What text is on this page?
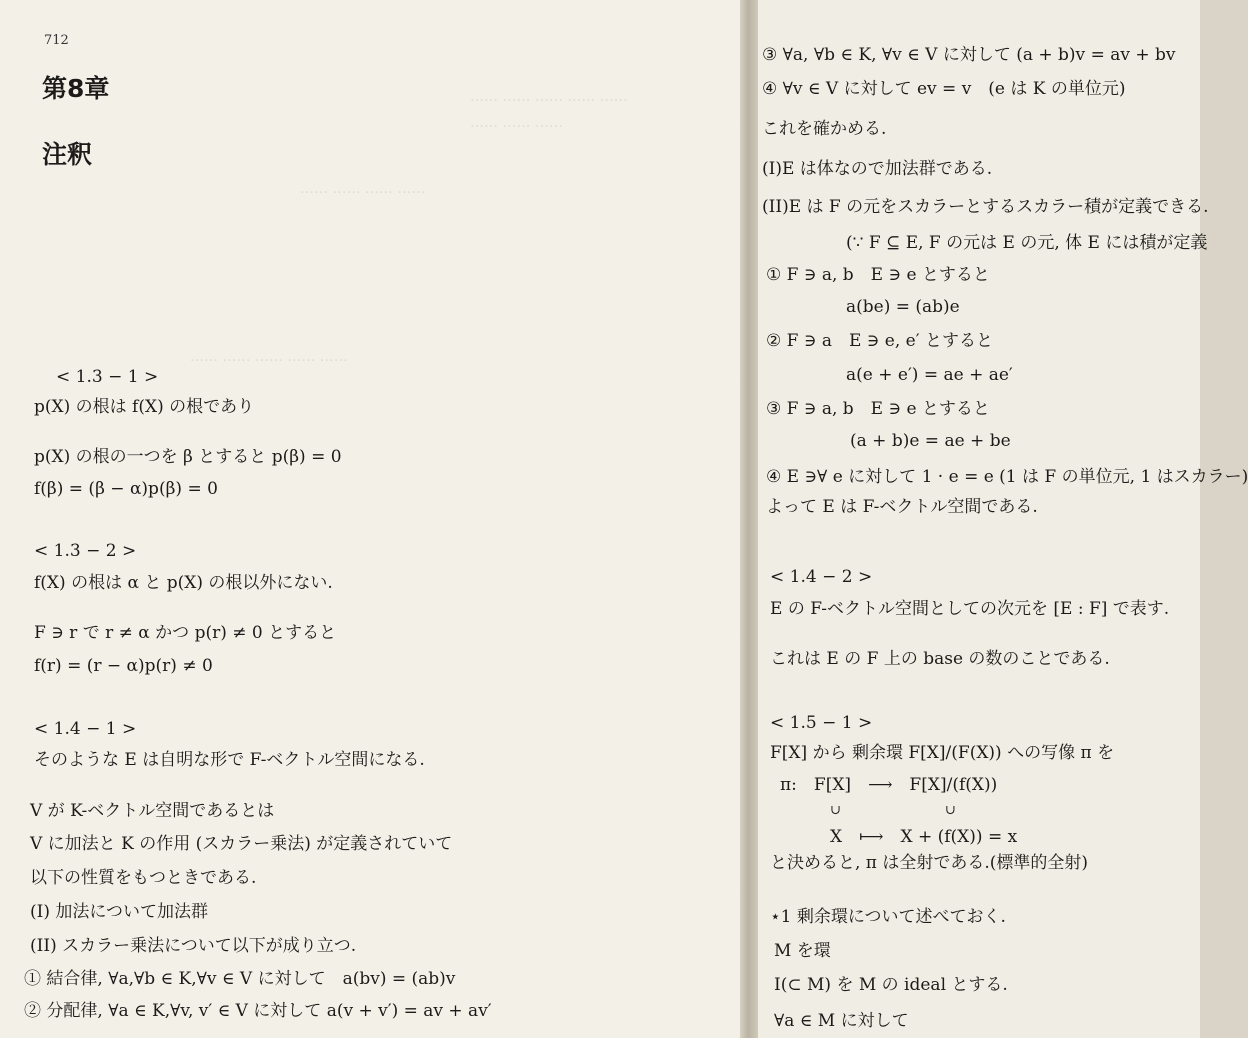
712
第8章
注釈
…… …… …… …… ……
…… …… ……
…… …… …… ……
…… …… …… …… ……
< 1.3 − 1 >
p(X) の根は f(X) の根であり
p(X) の根の一つを β とすると p(β) = 0
f(β) = (β − α)p(β) = 0
< 1.3 − 2 >
f(X) の根は α と p(X) の根以外にない.
F ∋ r で r ≠ α かつ p(r) ≠ 0 とすると
f(r) = (r − α)p(r) ≠ 0
< 1.4 − 1 >
そのような E は自明な形で F-ベクトル空間になる.
V が K-ベクトル空間であるとは
V に加法と K の作用 (スカラー乗法) が定義されていて
以下の性質をもつときである.
(I) 加法について加法群
(II) スカラー乗法について以下が成り立つ.
① 結合律, ∀a,∀b ∈ K,∀v ∈ V に対して　a(bv) = (ab)v
② 分配律, ∀a ∈ K,∀v, v′ ∈ V に対して a(v + v′) = av + av′
③ ∀a, ∀b ∈ K, ∀v ∈ V に対して (a + b)v = av + bv
④ ∀v ∈ V に対して ev = v　(e は K の単位元)
これを確かめる.
(I)E は体なので加法群である.
(II)E は F の元をスカラーとするスカラー積が定義できる.
(∵ F ⊆ E, F の元は E の元, 体 E には積が定義
① F ∋ a, b　E ∋ e とすると
a(be) = (ab)e
② F ∋ a　E ∋ e, e′ とすると
a(e + e′) = ae + ae′
③ F ∋ a, b　E ∋ e とすると
(a + b)e = ae + be
④ E ∋∀ e に対して 1 · e = e (1 は F の単位元, 1 はスカラー)
よって E は F-ベクトル空間である.
< 1.4 − 2 >
E の F-ベクトル空間としての次元を [E : F] で表す.
これは E の F 上の base の数のことである.
< 1.5 − 1 >
F[X] から 剰余環 F[X]/(F(X)) への写像 π を
π:　F[X]　⟶　F[X]/(f(X))
∪　　　　　　　　∪
X　⟼　X + (f(X)) = x
と決めると, π は全射である.(標準的全射)
⋆1 剰余環について述べておく.
M を環
I(⊂ M) を M の ideal とする.
∀a ∈ M に対して
